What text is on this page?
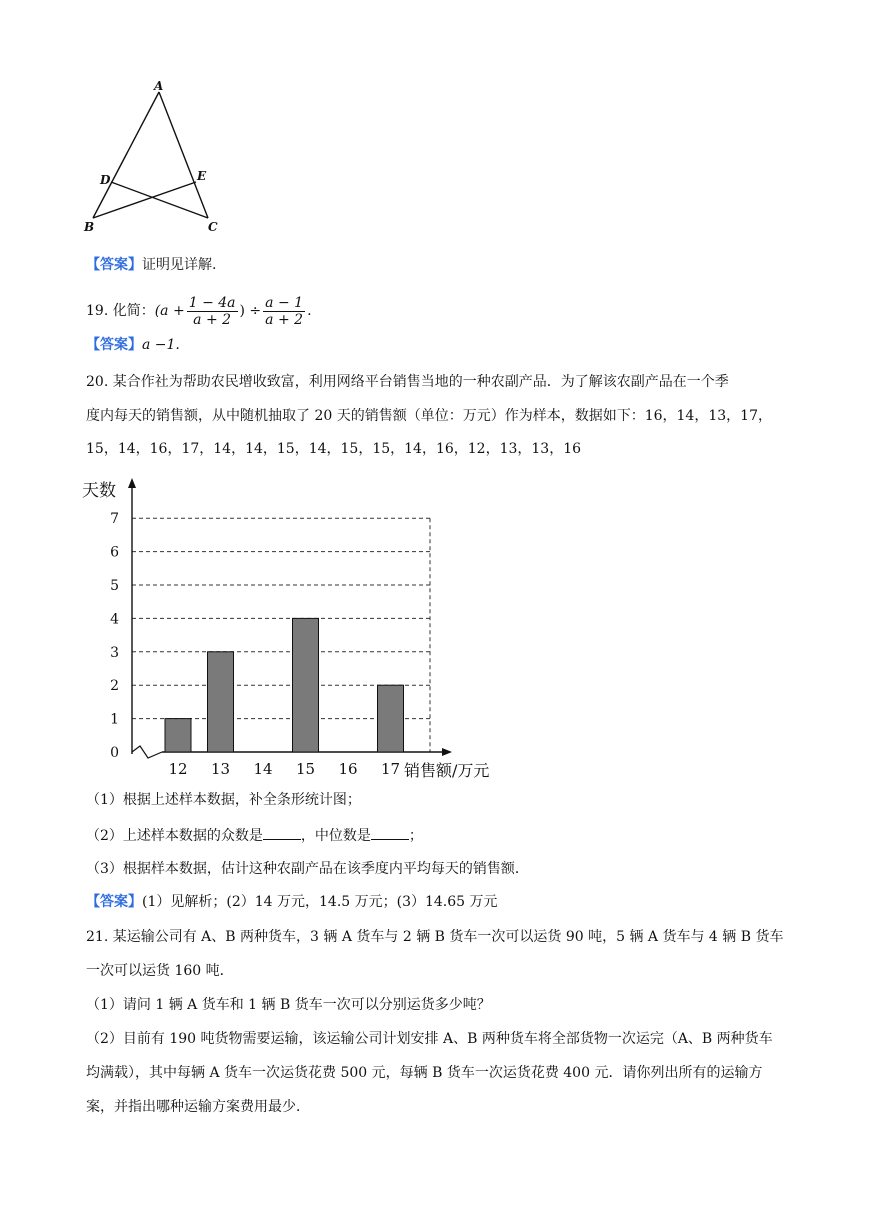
A
D	E
B	C
【答案】证明见详解.
19. 化简：($a + \frac{1 - 4a}{a + 2}$ ) ÷ $\frac{a - 1}{a + 2}$ .
【答案】a −1.
20. 某合作社为帮助农民增收致富，利用网络平台销售当地的一种农副产品．为了解该农副产品在一个季
度内每天的销售额，从中随机抽取了 20 天的销售额（单位：万元）作为样本，数据如下：16，14，13，17，
15，14，16，17，14，14，15，14，15，15，14，16，12，13，13，16
0
1
2
3
4
5
6
7
天数
12 13 14 15 16 17 销售额/万元
（1）根据上述样本数据，补全条形统计图；
（2）上述样本数据的众数是	，中位数是	；
（3）根据样本数据，估计这种农副产品在该季度内平均每天的销售额．
【答案】(1）见解析；(2）14 万元，14.5 万元；(3）14.65 万元
21. 某运输公司有 A、B 两种货车，3 辆 A 货车与 2 辆 B 货车一次可以运货 90 吨，5 辆 A 货车与 4 辆 B 货车
一次可以运货 160 吨．
（1）请问 1 辆 A 货车和 1 辆 B 货车一次可以分别运货多少吨？
（2）目前有 190 吨货物需要运输，该运输公司计划安排 A、B 两种货车将全部货物一次运完（A、B 两种货车
均满载），其中每辆 A 货车一次运货花费 500 元，每辆 B 货车一次运货花费 400 元．请你列出所有的运输方
案，并指出哪种运输方案费用最少．
